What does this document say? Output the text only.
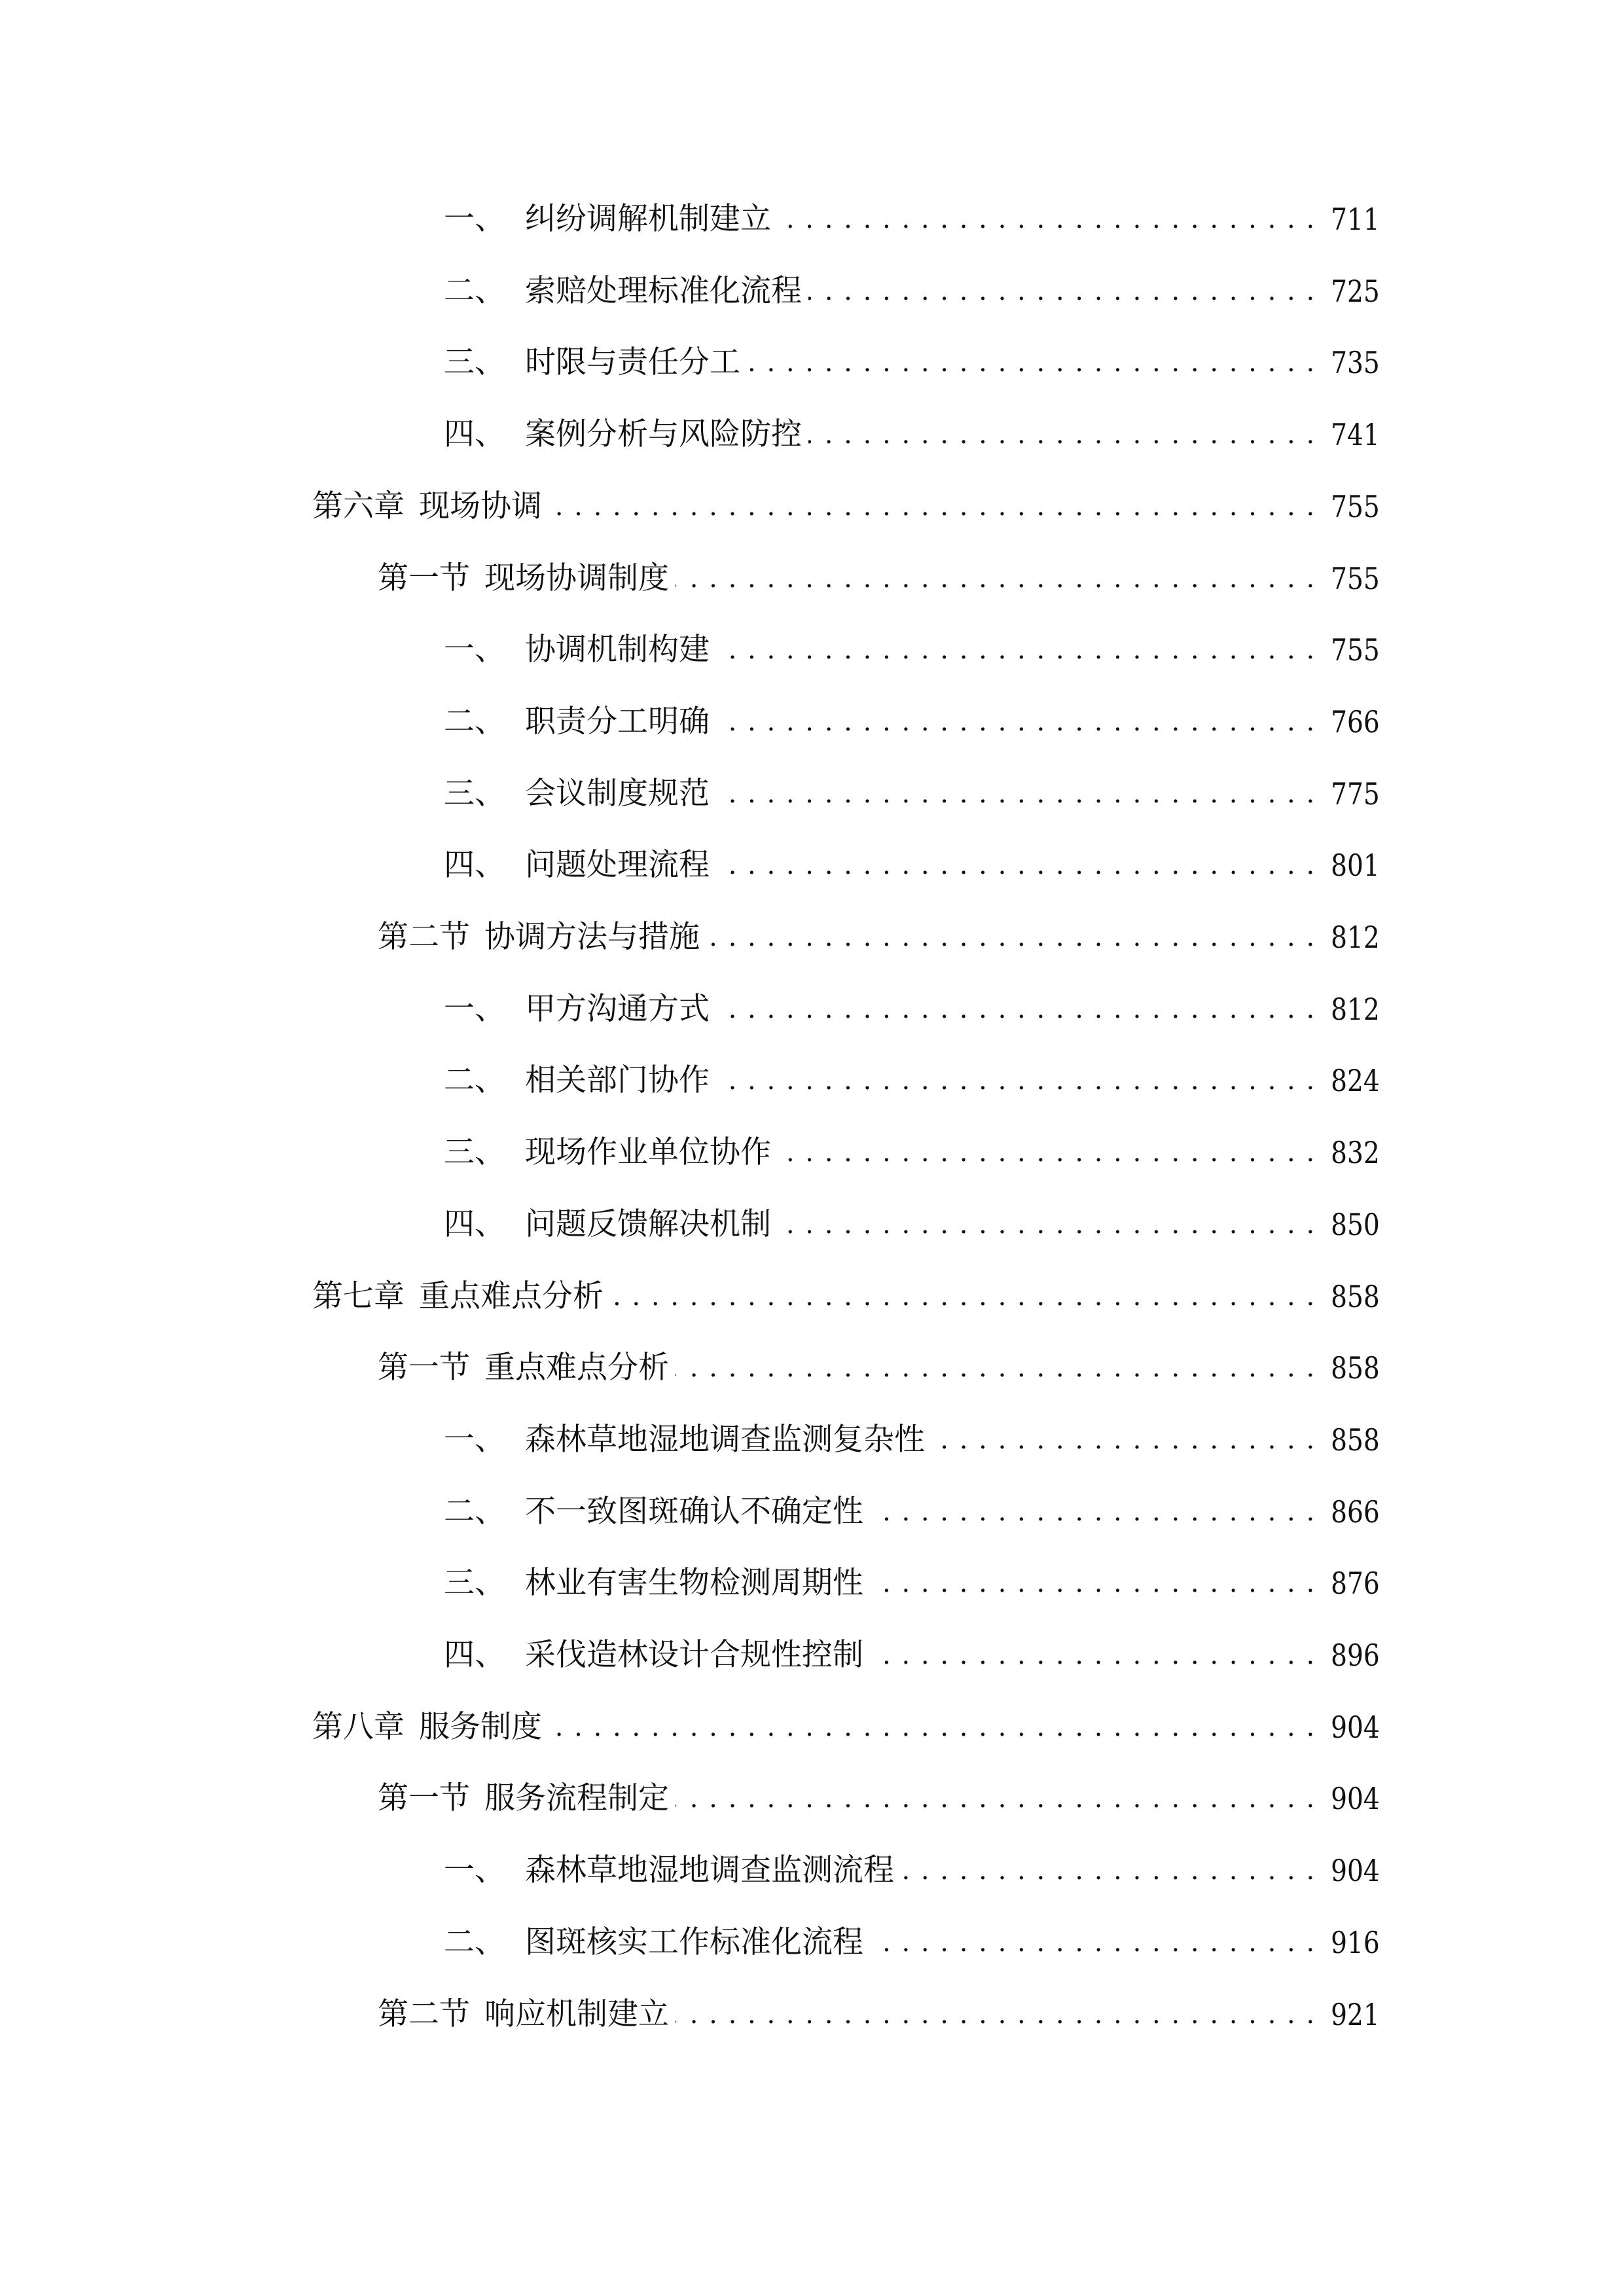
一、 纠纷调解机制建立 . . .	711
二、 索赔处理标准化流程 . . .	725
三、 时限与责任分工 . . .	735
四、 案例分析与风险防控 . . .	741
第六章 现场协调 . . .	755
第一节 现场协调制度 . . .	755
一、 协调机制构建 . . .	755
二、 职责分工明确 . . .	766
三、 会议制度规范 . . .	775
四、 问题处理流程 . . .	801
第二节 协调方法与措施 . . .	812
一、 甲方沟通方式 . . .	812
二、 相关部门协作 . . .	824
三、 现场作业单位协作 . . .	832
四、 问题反馈解决机制 . . .	850
第七章 重点难点分析 . . .	858
第一节 重点难点分析 . . .	858
一、 森林草地湿地调查监测复杂性 . . .	858
二、 不一致图斑确认不确定性 . . .	866
三、 林业有害生物检测周期性 . . .	876
四、 采伐造林设计合规性控制 . . .	896
第八章 服务制度 . . .	904
第一节 服务流程制定 . . .	904
一、 森林草地湿地调查监测流程 . . .	904
二、 图斑核实工作标准化流程 . . .	916
第二节 响应机制建立 . . .	921
